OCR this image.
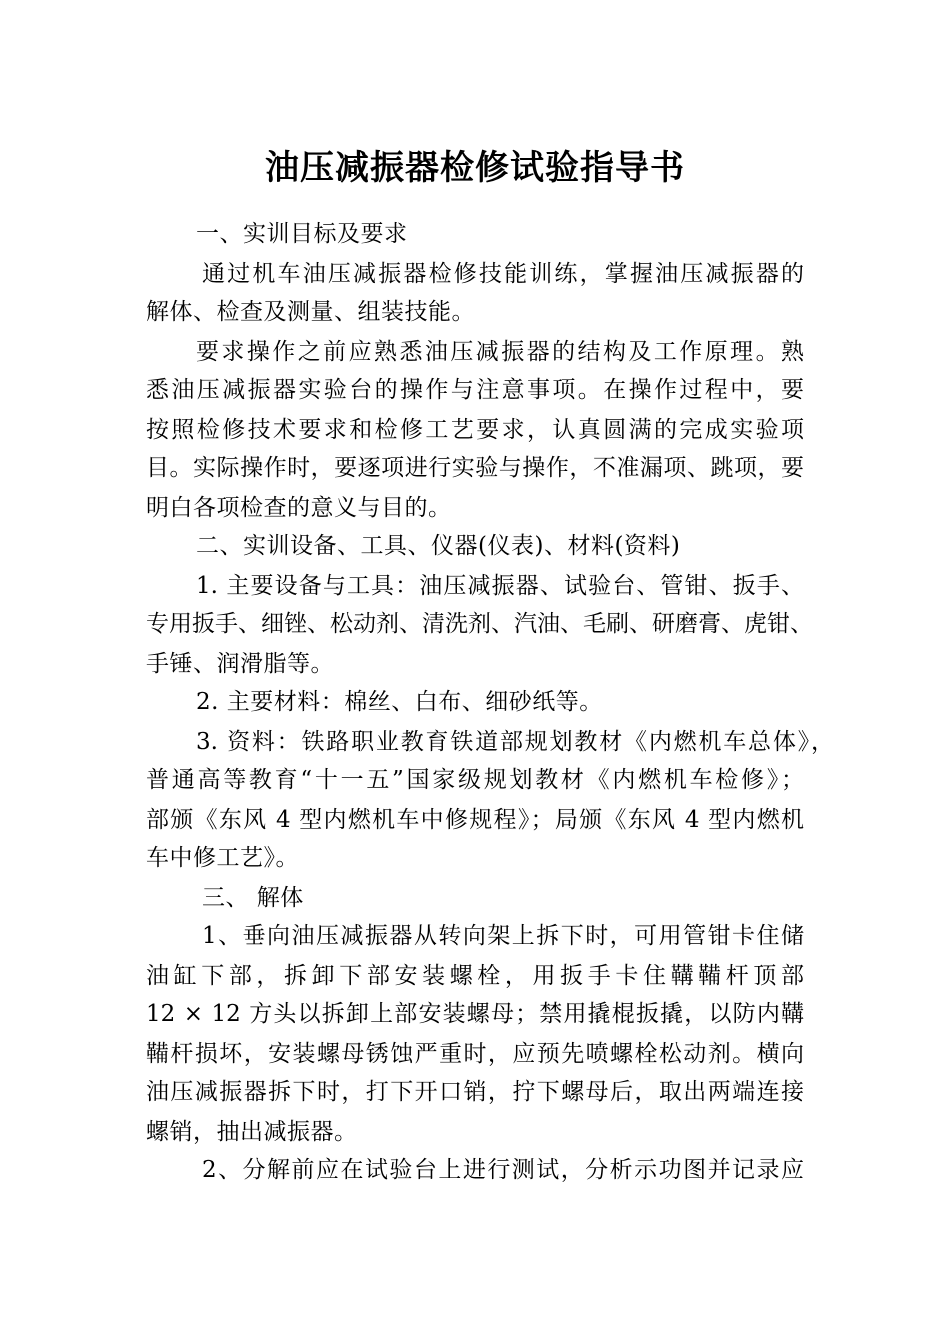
油压减振器检修试验指导书
一、实训目标及要求
通过机车油压减振器检修技能训练，掌握油压减振器的
解体、检查及测量、组装技能。
要求操作之前应熟悉油压减振器的结构及工作原理。熟
悉油压减振器实验台的操作与注意事项。在操作过程中，要
按照检修技术要求和检修工艺要求，认真圆满的完成实验项
目。实际操作时，要逐项进行实验与操作，不准漏项、跳项，要
明白各项检查的意义与目的。
二、实训设备、工具、仪器(仪表)、材料(资料)
1. 主要设备与工具：油压减振器、试验台、管钳、扳手、
专用扳手、细锉、松动剂、清洗剂、汽油、毛刷、研磨膏、虎钳、
手锤、润滑脂等。
2. 主要材料：棉丝、白布、细砂纸等。
3. 资料：铁路职业教育铁道部规划教材《内燃机车总体》，
普通高等教育“十一五”国家级规划教材《内燃机车检修》；
部颁《东风 4 型内燃机车中修规程》；局颁《东风 4 型内燃机
车中修工艺》。
三、 解体
1、垂向油压减振器从转向架上拆下时，可用管钳卡住储
油缸下部，拆卸下部安装螺栓，用扳手卡住鞲鞴杆顶部
12 × 12 方头以拆卸上部安装螺母；禁用撬棍扳撬，以防内鞲
鞴杆损坏，安装螺母锈蚀严重时，应预先喷螺栓松动剂。横向
油压减振器拆下时，打下开口销，拧下螺母后，取出两端连接
螺销，抽出减振器。
2、分解前应在试验台上进行测试，分析示功图并记录应
